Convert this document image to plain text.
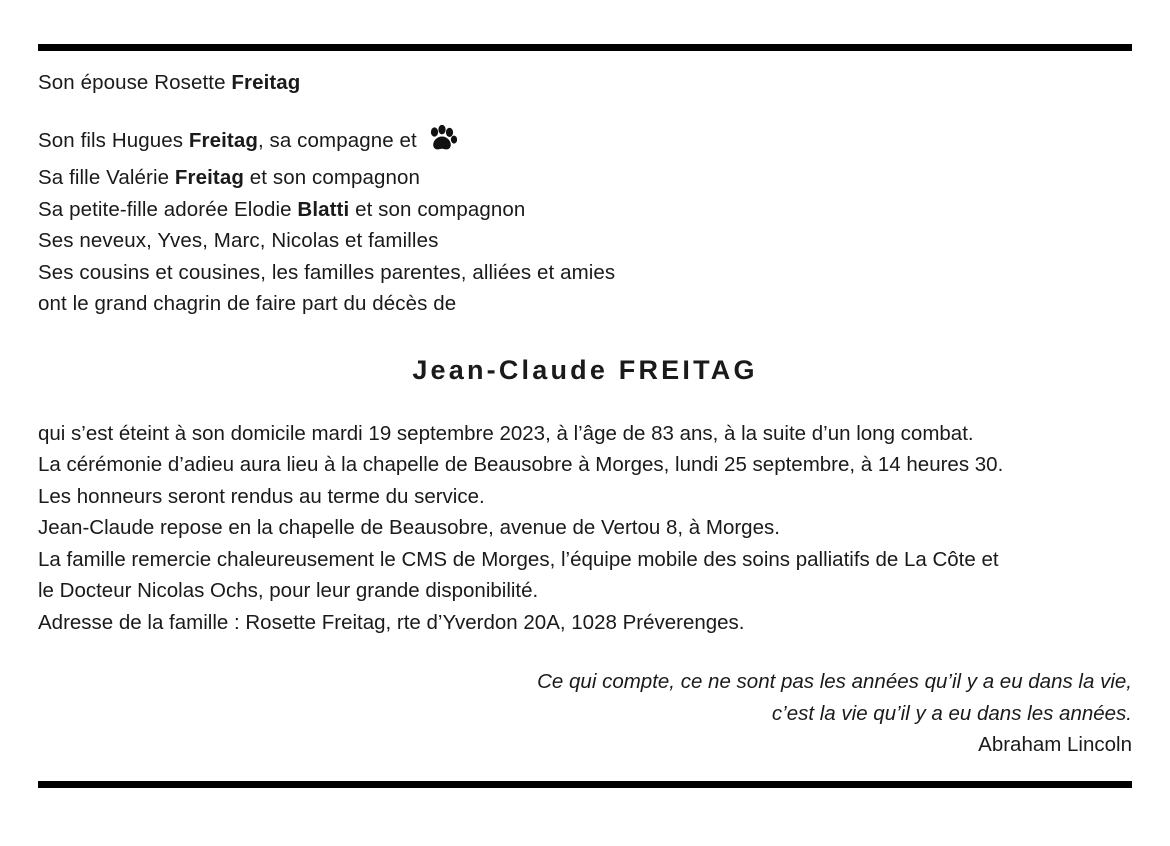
Son épouse Rosette Freitag
Son fils Hugues Freitag, sa compagne et
Sa fille Valérie Freitag et son compagnon
Sa petite-fille adorée Elodie Blatti et son compagnon
Ses neveux, Yves, Marc, Nicolas et familles
Ses cousins et cousines, les familles parentes, alliées et amies
ont le grand chagrin de faire part du décès de
Jean-Claude FREITAG

qui s’est éteint à son domicile mardi 19 septembre 2023, à l’âge de 83 ans, à la suite d’un long combat.

La cérémonie d’adieu aura lieu à la chapelle de Beausobre à Morges, lundi 25 septembre, à 14 heures 30.

Les honneurs seront rendus au terme du service.

Jean-Claude repose en la chapelle de Beausobre, avenue de Vertou 8, à Morges.

La famille remercie chaleureusement le CMS de Morges, l’équipe mobile des soins palliatifs de La Côte et

le Docteur Nicolas Ochs, pour leur grande disponibilité.

Adresse de la famille : Rosette Freitag, rte d’Yverdon 20A, 1028 Préverenges.

Ce qui compte, ce ne sont pas les années qu’il y a eu dans la vie,
c’est la vie qu’il y a eu dans les années.
Abraham Lincoln
